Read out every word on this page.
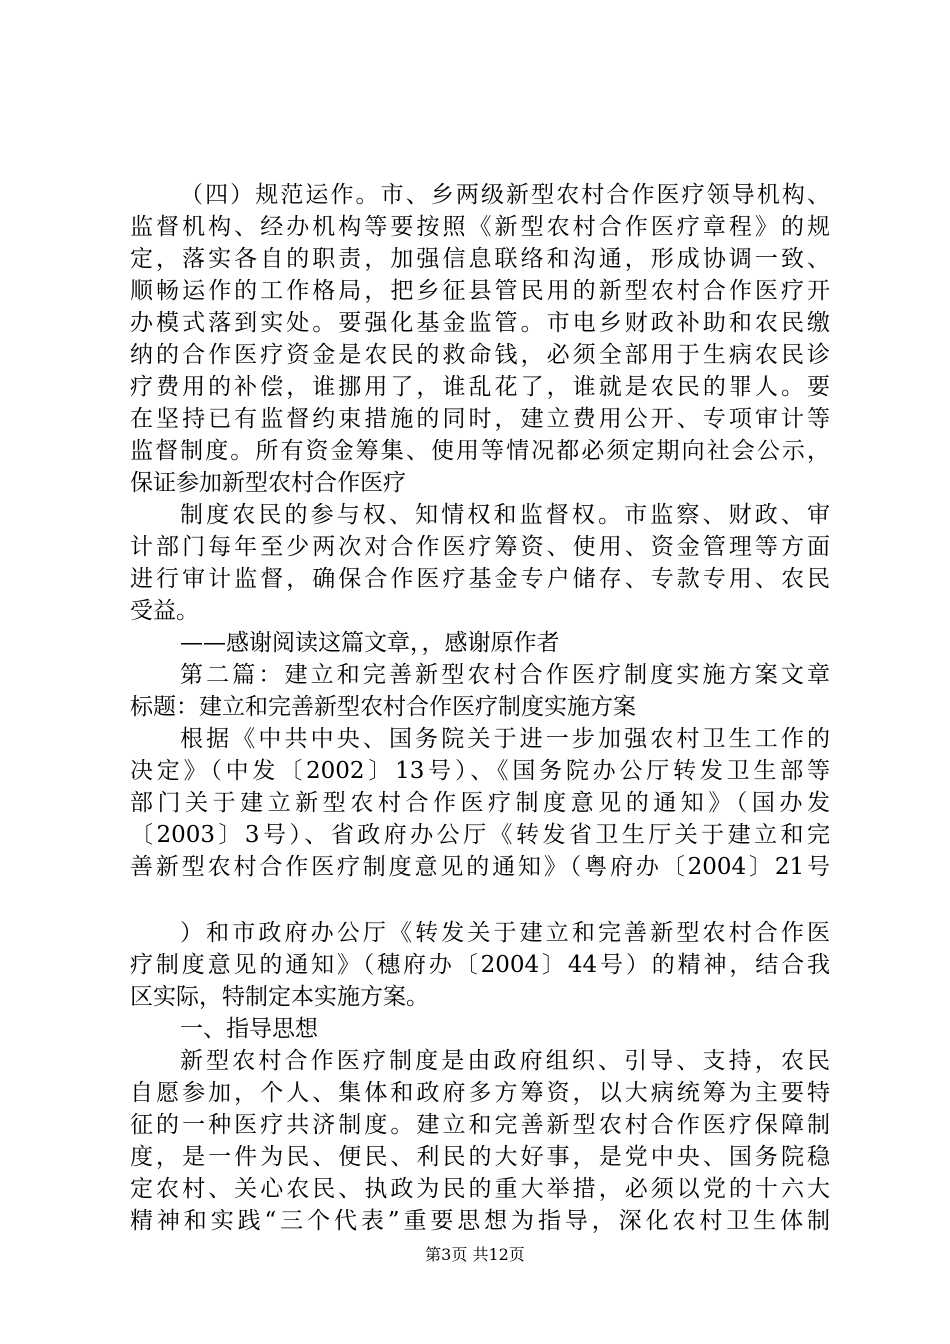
（四）规范运作。市、乡两级新型农村合作医疗领导机构、
监督机构、经办机构等要按照《新型农村合作医疗章程》的规
定，落实各自的职责，加强信息联络和沟通，形成协调一致、
顺畅运作的工作格局，把乡征县管民用的新型农村合作医疗开
办模式落到实处。要强化基金监管。市电乡财政补助和农民缴
纳的合作医疗资金是农民的救命钱，必须全部用于生病农民诊
疗费用的补偿，谁挪用了，谁乱花了，谁就是农民的罪人。要
在坚持已有监督约束措施的同时，建立费用公开、专项审计等
监督制度。所有资金筹集、使用等情况都必须定期向社会公示，
保证参加新型农村合作医疗
制度农民的参与权、知情权和监督权。市监察、财政、审
计部门每年至少两次对合作医疗筹资、使用、资金管理等方面
进行审计监督，确保合作医疗基金专户储存、专款专用、农民
受益。
——感谢阅读这篇文章，，感谢原作者
第二篇：建立和完善新型农村合作医疗制度实施方案文章
标题：建立和完善新型农村合作医疗制度实施方案
根据《中共中央、国务院关于进一步加强农村卫生工作的
决定》（中发〔2002〕13号）、《国务院办公厅转发卫生部等
部门关于建立新型农村合作医疗制度意见的通知》（国办发
〔2003〕3号）、省政府办公厅《转发省卫生厅关于建立和完
善新型农村合作医疗制度意见的通知》（粤府办〔2004〕21号
）和市政府办公厅《转发关于建立和完善新型农村合作医
疗制度意见的通知》（穗府办〔2004〕44号）的精神，结合我
区实际，特制定本实施方案。
一、指导思想
新型农村合作医疗制度是由政府组织、引导、支持，农民
自愿参加，个人、集体和政府多方筹资，以大病统筹为主要特
征的一种医疗共济制度。建立和完善新型农村合作医疗保障制
度，是一件为民、便民、利民的大好事，是党中央、国务院稳
定农村、关心农民、执政为民的重大举措，必须以党的十六大
精神和实践“三个代表”重要思想为指导，深化农村卫生体制
第3页 共12页
